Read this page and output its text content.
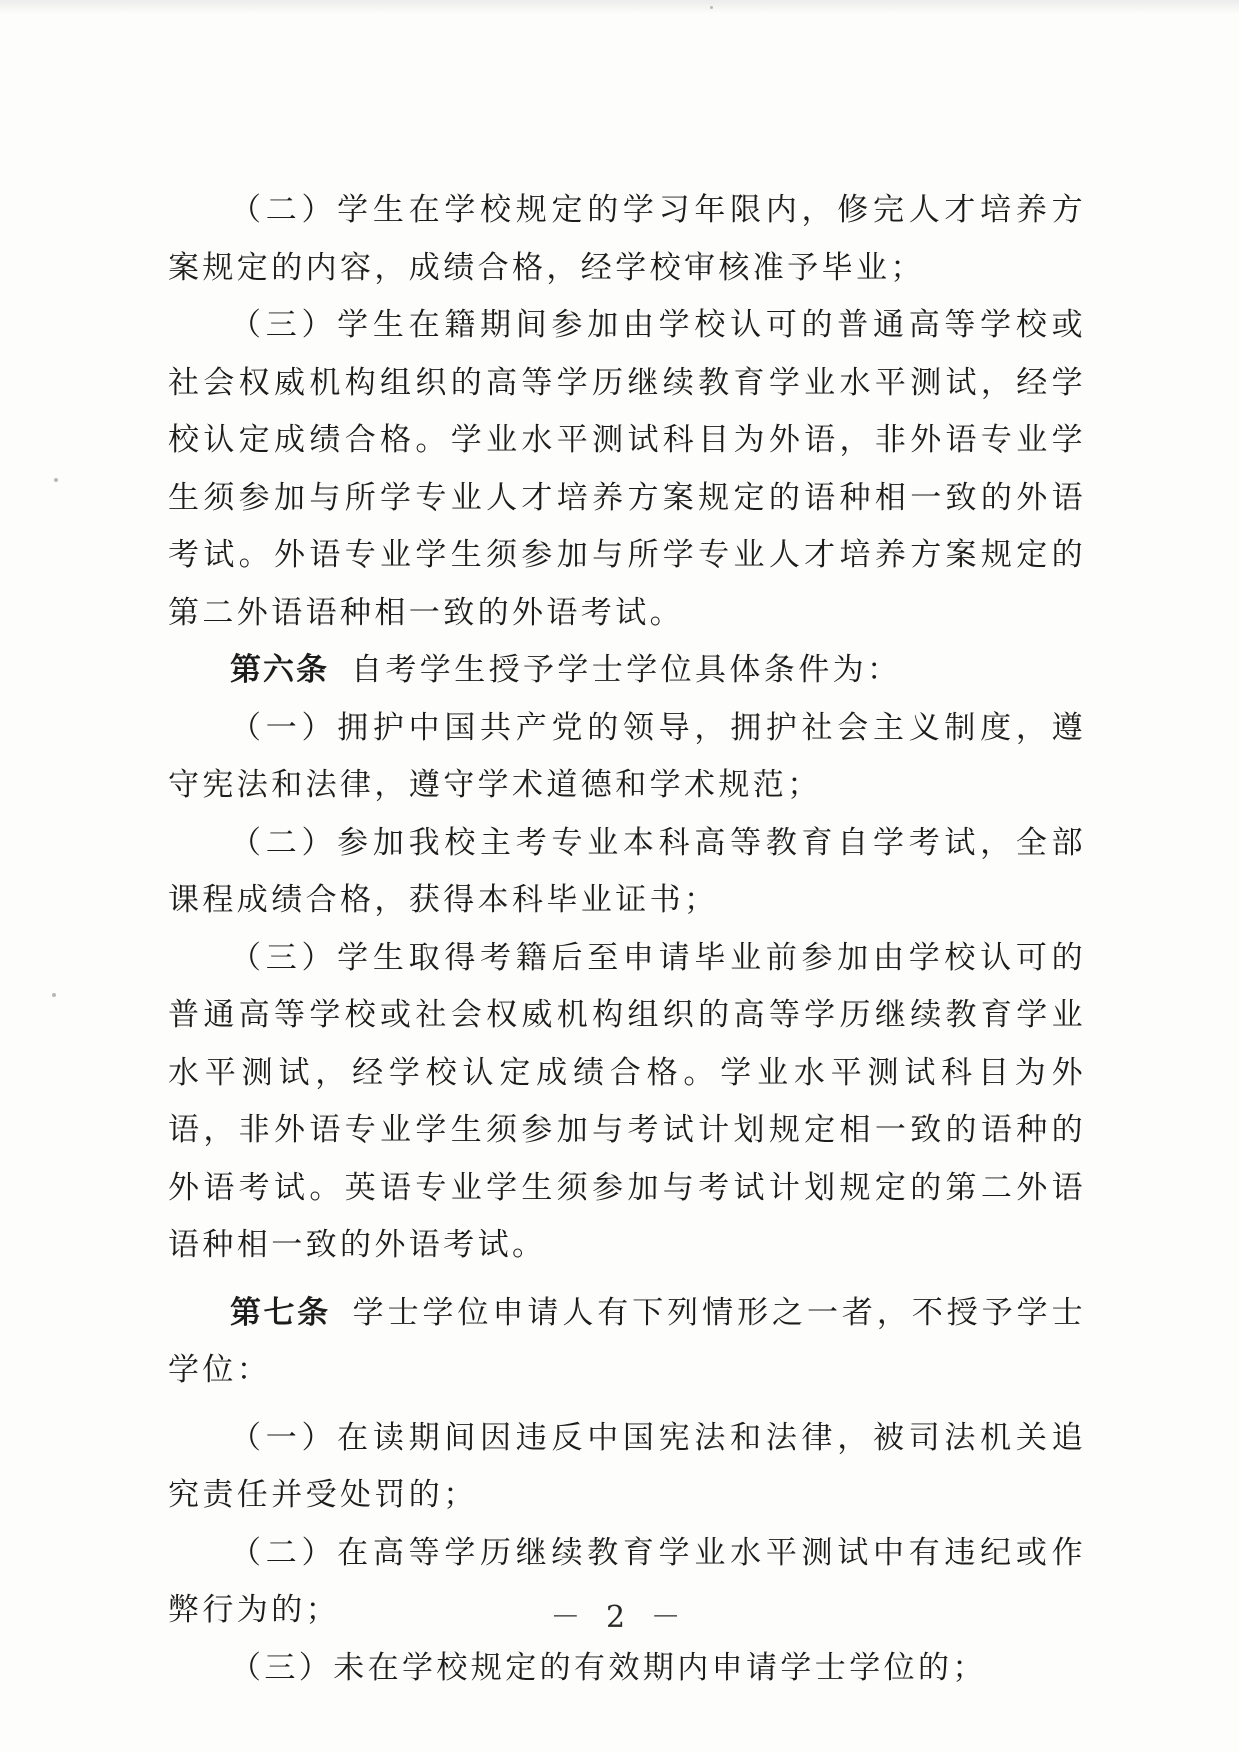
（二）学生在学校规定的学习年限内，修完人才培养方案规定的内容，成绩合格，经学校审核准予毕业；

（三）学生在籍期间参加由学校认可的普通高等学校或社会权威机构组织的高等学历继续教育学业水平测试，经学校认定成绩合格。学业水平测试科目为外语，非外语专业学生须参加与所学专业人才培养方案规定的语种相一致的外语考试。外语专业学生须参加与所学专业人才培养方案规定的第二外语语种相一致的外语考试。

第六条 自考学生授予学士学位具体条件为：

（一）拥护中国共产党的领导，拥护社会主义制度，遵守宪法和法律，遵守学术道德和学术规范；

（二）参加我校主考专业本科高等教育自学考试，全部课程成绩合格，获得本科毕业证书；

（三）学生取得考籍后至申请毕业前参加由学校认可的普通高等学校或社会权威机构组织的高等学历继续教育学业水平测试，经学校认定成绩合格。学业水平测试科目为外语，非外语专业学生须参加与考试计划规定相一致的语种的外语考试。英语专业学生须参加与考试计划规定的第二外语语种相一致的外语考试。

第七条 学士学位申请人有下列情形之一者，不授予学士学位：

（一）在读期间因违反中国宪法和法律，被司法机关追究责任并受处罚的；

（二）在高等学历继续教育学业水平测试中有违纪或作弊行为的；

（三）未在学校规定的有效期内申请学士学位的；

－ 2 －
